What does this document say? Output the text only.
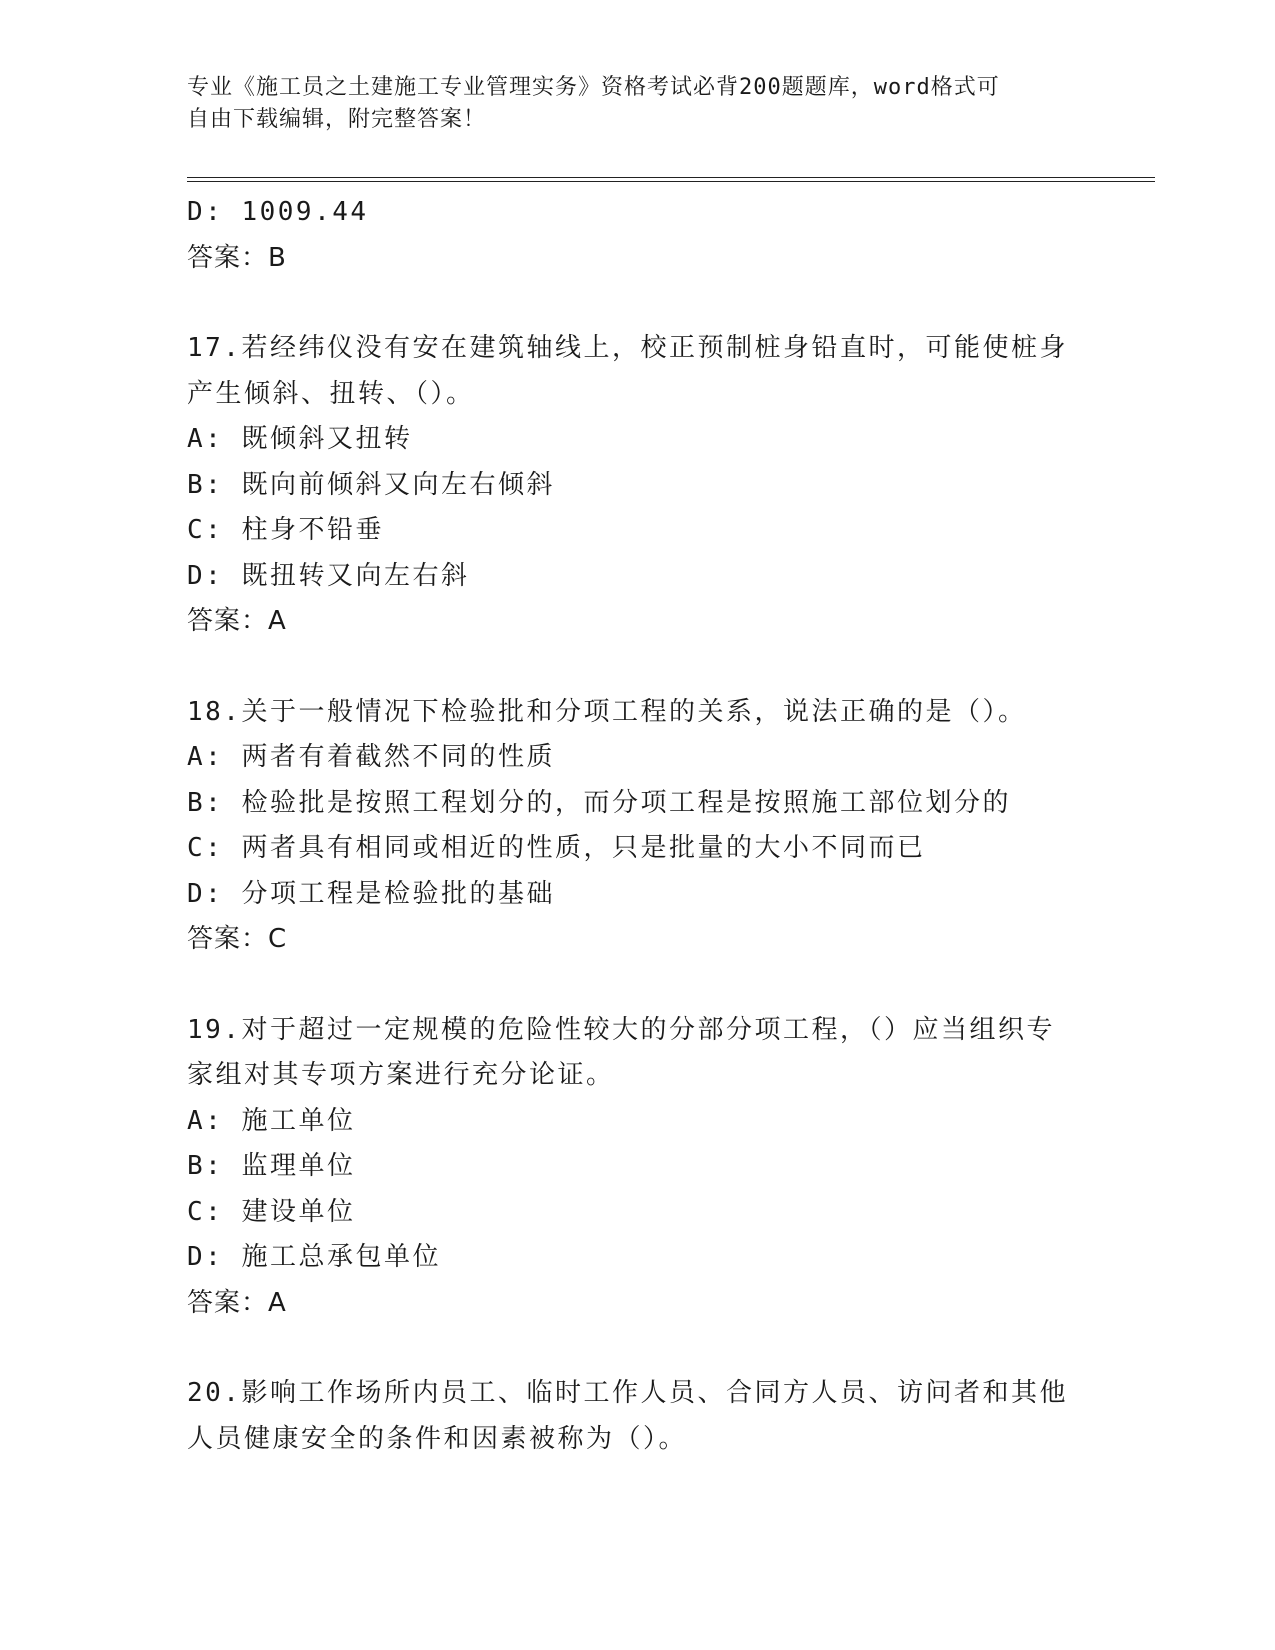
专业《施工员之土建施工专业管理实务》资格考试必背200题题库，word格式可
自由下载编辑，附完整答案！
D: 1009.44
答案：B
17.若经纬仪没有安在建筑轴线上，校正预制桩身铅直时，可能使桩身
产生倾斜、扭转、（）。
A: 既倾斜又扭转
B: 既向前倾斜又向左右倾斜
C: 柱身不铅垂
D: 既扭转又向左右斜
答案：A
18.关于一般情况下检验批和分项工程的关系，说法正确的是（）。
A: 两者有着截然不同的性质
B: 检验批是按照工程划分的，而分项工程是按照施工部位划分的
C: 两者具有相同或相近的性质，只是批量的大小不同而已
D: 分项工程是检验批的基础
答案：C
19.对于超过一定规模的危险性较大的分部分项工程，（）应当组织专
家组对其专项方案进行充分论证。
A: 施工单位
B: 监理单位
C: 建设单位
D: 施工总承包单位
答案：A
20.影响工作场所内员工、临时工作人员、合同方人员、访问者和其他
人员健康安全的条件和因素被称为（）。
